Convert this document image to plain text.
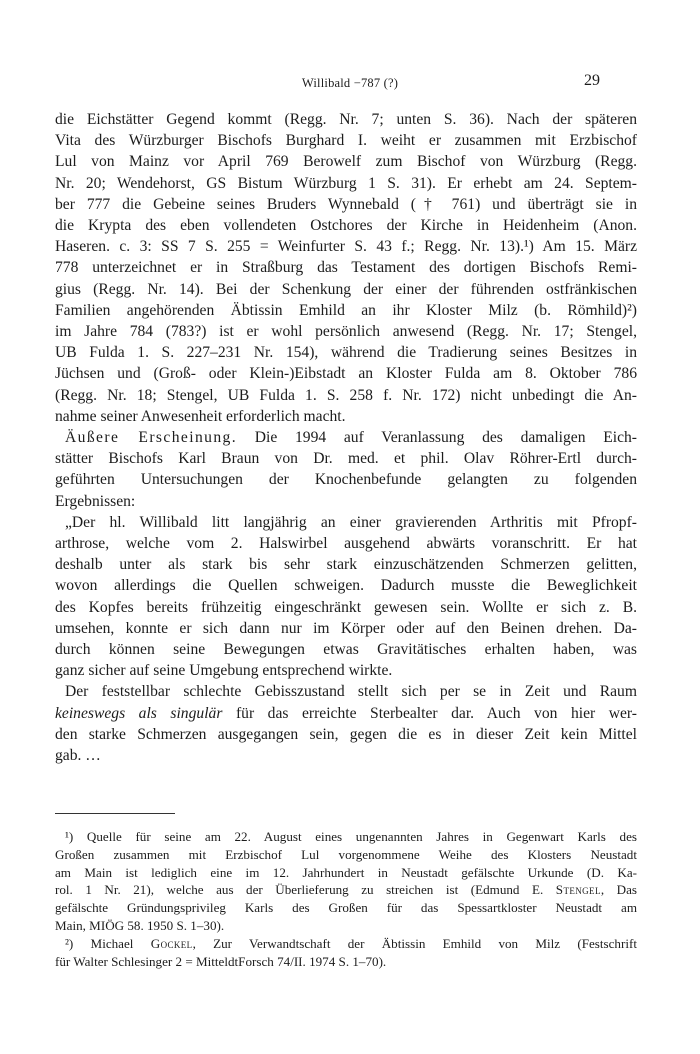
Willibald −787 (?)	29
die Eichstätter Gegend kommt (Regg. Nr. 7; unten S. 36). Nach der späteren
Vita des Würzburger Bischofs Burghard I. weiht er zusammen mit Erzbischof
Lul von Mainz vor April 769 Berowelf zum Bischof von Würzburg (Regg.
Nr. 20; Wendehorst, GS Bistum Würzburg 1 S. 31). Er erhebt am 24. Septem-
ber 777 die Gebeine seines Bruders Wynnebald († 761) und überträgt sie in
die Krypta des eben vollendeten Ostchores der Kirche in Heidenheim (Anon.
Haseren. c. 3: SS 7 S. 255 = Weinfurter S. 43 f.; Regg. Nr. 13).¹) Am 15. März
778 unterzeichnet er in Straßburg das Testament des dortigen Bischofs Remi-
gius (Regg. Nr. 14). Bei der Schenkung der einer der führenden ostfränkischen
Familien angehörenden Äbtissin Emhild an ihr Kloster Milz (b. Römhild)²)
im Jahre 784 (783?) ist er wohl persönlich anwesend (Regg. Nr. 17; Stengel,
UB Fulda 1. S. 227–231 Nr. 154), während die Tradierung seines Besitzes in
Jüchsen und (Groß- oder Klein-)Eibstadt an Kloster Fulda am 8. Oktober 786
(Regg. Nr. 18; Stengel, UB Fulda 1. S. 258 f. Nr. 172) nicht unbedingt die An-
nahme seiner Anwesenheit erforderlich macht.
Äußere Erscheinung. Die 1994 auf Veranlassung des damaligen Eich-
stätter Bischofs Karl Braun von Dr. med. et phil. Olav Röhrer-Ertl durch-
geführten Untersuchungen der Knochenbefunde gelangten zu folgenden
Ergebnissen:
„Der hl. Willibald litt langjährig an einer gravierenden Arthritis mit Pfropf-
arthrose, welche vom 2. Halswirbel ausgehend abwärts voranschritt. Er hat
deshalb unter als stark bis sehr stark einzuschätzenden Schmerzen gelitten,
wovon allerdings die Quellen schweigen. Dadurch musste die Beweglichkeit
des Kopfes bereits frühzeitig eingeschränkt gewesen sein. Wollte er sich z. B.
umsehen, konnte er sich dann nur im Körper oder auf den Beinen drehen. Da-
durch können seine Bewegungen etwas Gravitätisches erhalten haben, was
ganz sicher auf seine Umgebung entsprechend wirkte.
Der feststellbar schlechte Gebisszustand stellt sich per se in Zeit und Raum
keineswegs als singulär für das erreichte Sterbealter dar. Auch von hier wer-
den starke Schmerzen ausgegangen sein, gegen die es in dieser Zeit kein Mittel
gab. …
¹) Quelle für seine am 22. August eines ungenannten Jahres in Gegenwart Karls des
Großen zusammen mit Erzbischof Lul vorgenommene Weihe des Klosters Neustadt
am Main ist lediglich eine im 12. Jahrhundert in Neustadt gefälschte Urkunde (D. Ka-
rol. 1 Nr. 21), welche aus der Überlieferung zu streichen ist (Edmund E. Stengel, Das
gefälschte Gründungsprivileg Karls des Großen für das Spessartkloster Neustadt am
Main, MIÖG 58. 1950 S. 1–30).
²) Michael Gockel, Zur Verwandtschaft der Äbtissin Emhild von Milz (Festschrift
für Walter Schlesinger 2 = MitteldtForsch 74/II. 1974 S. 1–70).
